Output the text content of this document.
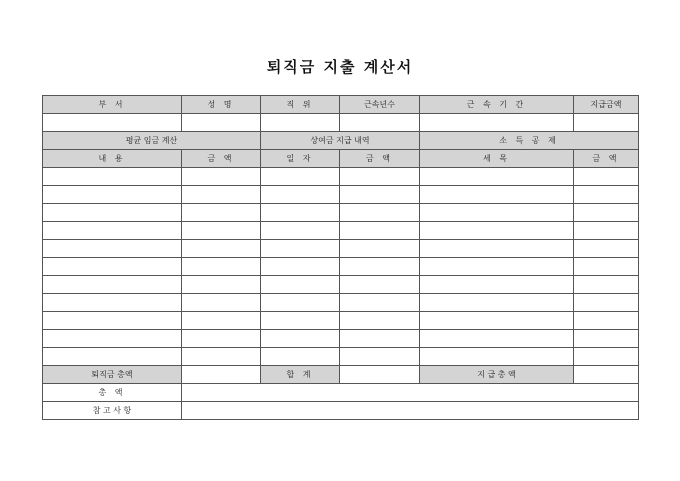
퇴직금 지출 계산서
부 서	성 명	직 위	근속년수	근 속 기 간	지급금액

평균 임금 계산		상여금 지급 내역		소 득 공 제	
내 용	금 액	일 자	금 액	세 목	금 액

퇴직금 총액		합 계		지 급 총 액	
총 액					
참 고 사 항					
